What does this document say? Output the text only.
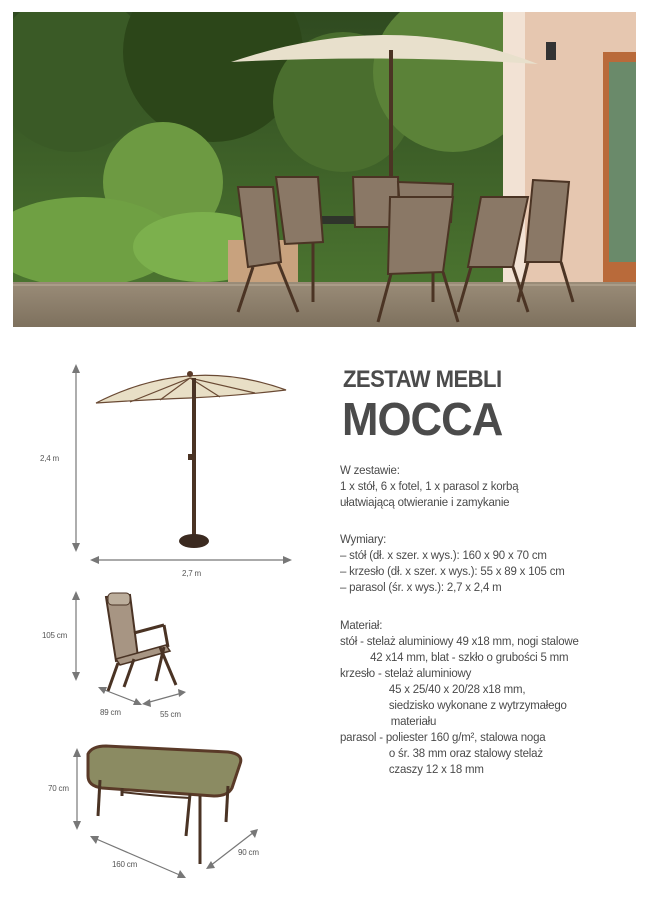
2,4 m
2,7 m
105 cm
89 cm	55 cm
70 cm
160 cm
90 cm
ZESTAW MEBLI
MOCCA
W zestawie:
1 x stół, 6 x fotel, 1 x parasol z korbą
ułatwiającą otwieranie i zamykanie
Wymiary:
– stół (dł. x szer. x wys.): 160 x 90 x 70 cm
– krzesło (dł. x szer. x wys.): 55 x 89 x 105 cm
– parasol (śr. x wys.): 2,7 x 2,4 m
Materiał:
stół - stelaż aluminiowy 49 x18 mm, nogi stalowe
42 x14 mm, blat - szkło o grubości 5 mm
krzesło - stelaż aluminiowy
45 x 25/40 x 20/28 x18 mm,
siedzisko wykonane z wytrzymałego
materiału
parasol - poliester 160 g/m², stalowa noga
o śr. 38 mm oraz stalowy stelaż
czaszy 12 x 18 mm
